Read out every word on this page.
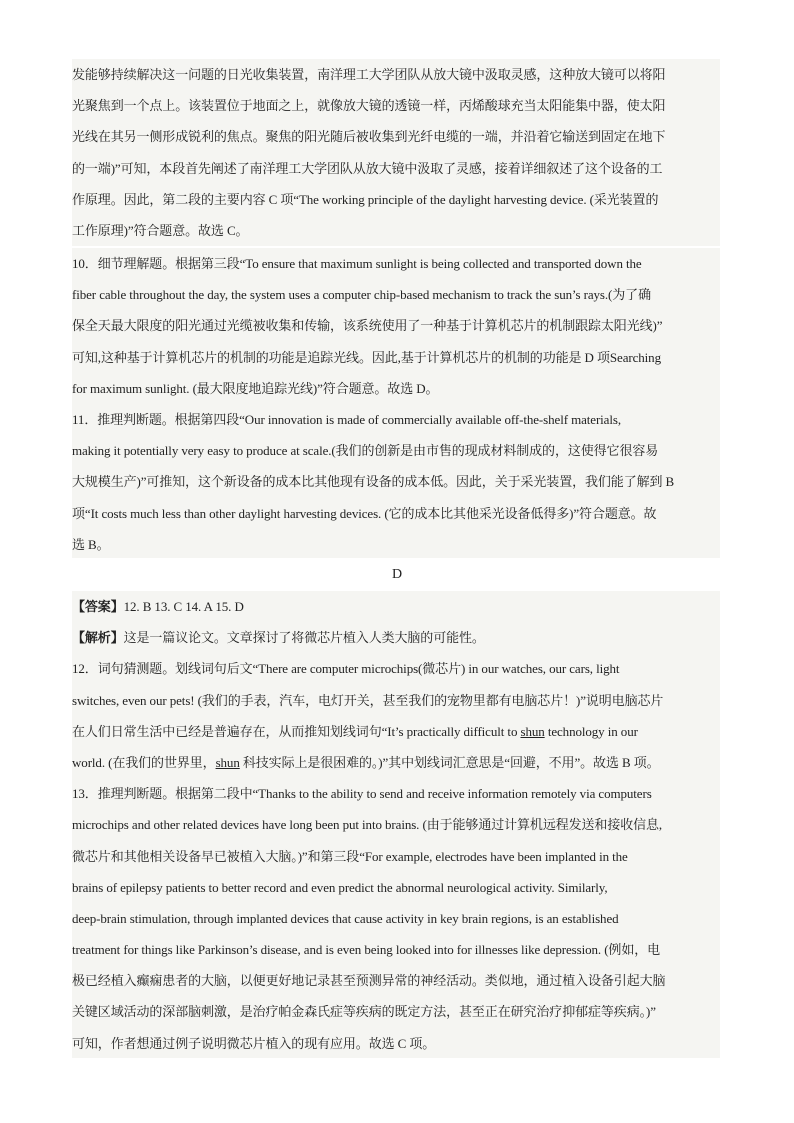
发能够持续解决这一问题的日光收集装置，南洋理工大学团队从放大镜中汲取灵感，这种放大镜可以将阳

光聚焦到一个点上。该装置位于地面之上，就像放大镜的透镜一样，丙烯酸球充当太阳能集中器，使太阳

光线在其另一侧形成锐利的焦点。聚焦的阳光随后被收集到光纤电缆的一端，并沿着它输送到固定在地下

的一端)”可知，本段首先阐述了南洋理工大学团队从放大镜中汲取了灵感，接着详细叙述了这个设备的工

作原理。因此，第二段的主要内容 C 项“The working principle of the daylight harvesting device. (采光装置的

工作原理)”符合题意。故选 C。

10．细节理解题。根据第三段“To ensure that maximum sunlight is being collected and transported down the

fiber cable throughout the day, the system uses a computer chip-based mechanism to track the sun’s rays.(为了确

保全天最大限度的阳光通过光缆被收集和传输，该系统使用了一种基于计算机芯片的机制跟踪太阳光线)”

可知,这种基于计算机芯片的机制的功能是追踪光线。因此,基于计算机芯片的机制的功能是 D 项Searching

for maximum sunlight. (最大限度地追踪光线)”符合题意。故选 D。

11．推理判断题。根据第四段“Our innovation is made of commercially available off-the-shelf materials,

making it potentially very easy to produce at scale.(我们的创新是由市售的现成材料制成的，这使得它很容易

大规模生产)”可推知，这个新设备的成本比其他现有设备的成本低。因此，关于采光装置，我们能了解到 B

项“It costs much less than other daylight harvesting devices. (它的成本比其他采光设备低得多)”符合题意。故

选 B。

D

【答案】12. B 13. C 14. A 15. D

【解析】这是一篇议论文。文章探讨了将微芯片植入人类大脑的可能性。

12．词句猜测题。划线词句后文“There are computer microchips(微芯片) in our watches, our cars, light

switches, even our pets! (我们的手表，汽车，电灯开关，甚至我们的宠物里都有电脑芯片！)”说明电脑芯片

在人们日常生活中已经是普遍存在，从而推知划线词句“It’s practically difficult to shun technology in our

world. (在我们的世界里，shun 科技实际上是很困难的。)”其中划线词汇意思是“回避，不用”。故选 B 项。

13．推理判断题。根据第二段中“Thanks to the ability to send and receive information remotely via computers

microchips and other related devices have long been put into brains. (由于能够通过计算机远程发送和接收信息,

微芯片和其他相关设备早已被植入大脑。)”和第三段“For example, electrodes have been implanted in the

brains of epilepsy patients to better record and even predict the abnormal neurological activity. Similarly,

deep-brain stimulation, through implanted devices that cause activity in key brain regions, is an established

treatment for things like Parkinson’s disease, and is even being looked into for illnesses like depression. (例如，电

极已经植入癫痫患者的大脑，以便更好地记录甚至预测异常的神经活动。类似地，通过植入设备引起大脑

关键区域活动的深部脑刺激，是治疗帕金森氏症等疾病的既定方法，甚至正在研究治疗抑郁症等疾病。)”

可知，作者想通过例子说明微芯片植入的现有应用。故选 C 项。
